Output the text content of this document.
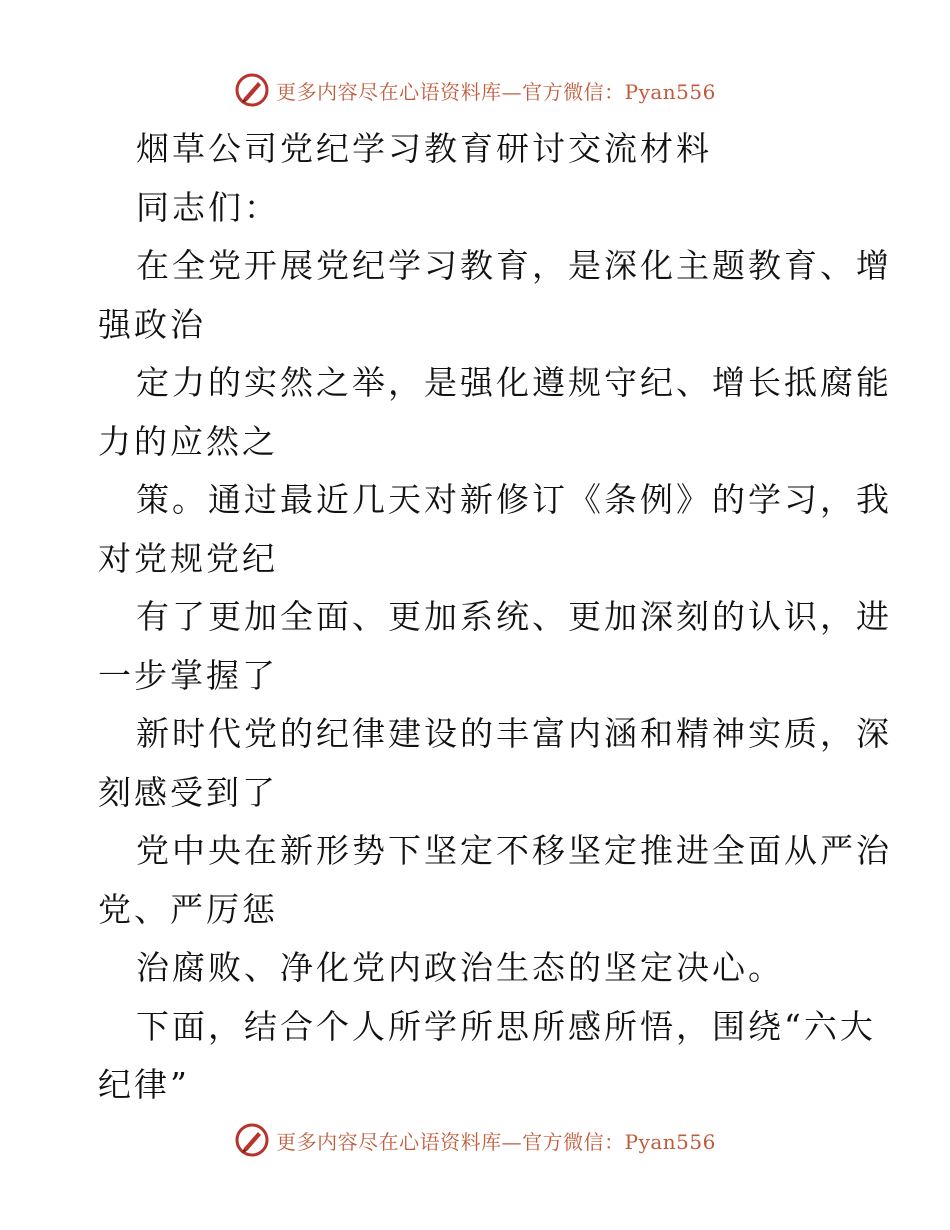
更多内容尽在心语资料库—官方微信：Pyan556
烟草公司党纪学习教育研讨交流材料
同志们：
在全党开展党纪学习教育，是深化主题教育、增
强政治
定力的实然之举，是强化遵规守纪、增长抵腐能
力的应然之
策。通过最近几天对新修订《条例》的学习，我
对党规党纪
有了更加全面、更加系统、更加深刻的认识，进
一步掌握了
新时代党的纪律建设的丰富内涵和精神实质，深
刻感受到了
党中央在新形势下坚定不移坚定推进全面从严治
党、严厉惩
治腐败、净化党内政治生态的坚定决心。
下面，结合个人所学所思所感所悟，围绕“六大
纪律”
更多内容尽在心语资料库—官方微信：Pyan556
